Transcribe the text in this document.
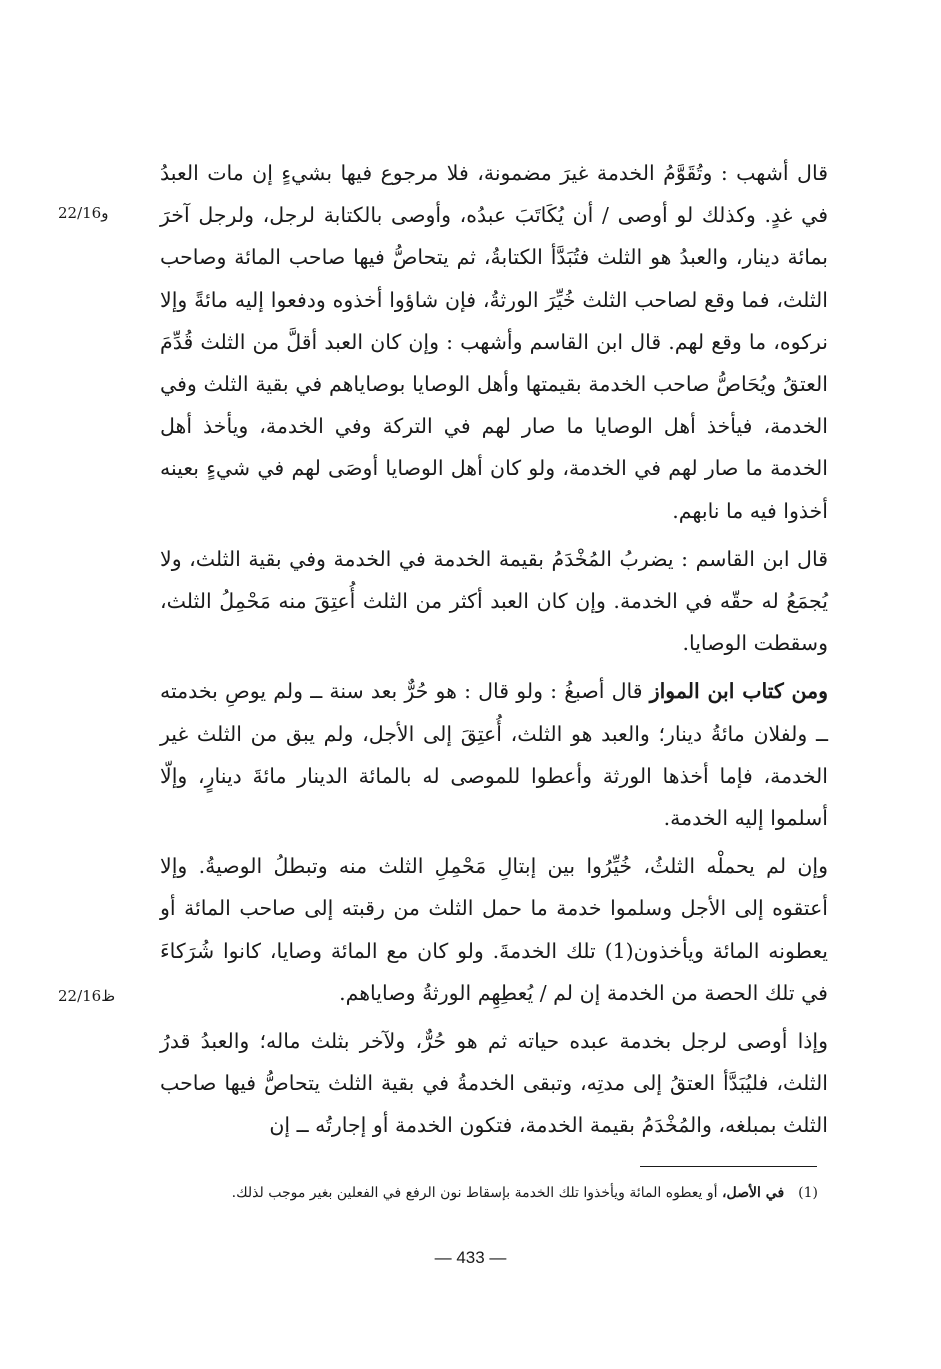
22/16و
22/16ظ

قال أشهب : وتُقَوَّمُ الخدمة غيرَ مضمونة، فلا مرجوع فيها بشيءٍ إن مات العبدُ في غدٍ. وكذلك لو أوصى / أن يُكَاتَبَ عبدُه، وأوصى بالكتابة لرجل، ولرجل آخرَ بمائة دينار، والعبدُ هو الثلث فتُبَدَّأ الكتابةُ، ثم يتحاصُّ فيها صاحب المائة وصاحب الثلث، فما وقع لصاحب الثلث خُيِّرَ الورثةُ، فإن شاؤوا أخذوه ودفعوا إليه مائةً وإلا نركوه، ما وقع لهم. قال ابن القاسم وأشهب : وإن كان العبد أقلَّ من الثلث قُدِّمَ العتقُ ويُحَاصُّ صاحب الخدمة بقيمتها وأهل الوصايا بوصاياهم في بقية الثلث وفي الخدمة، فيأخذ أهل الوصايا ما صار لهم في التركة وفي الخدمة، ويأخذ أهل الخدمة ما صار لهم في الخدمة، ولو كان أهل الوصايا أوصَى لهم في شيءٍ بعينه أخذوا فيه ما نابهم.

قال ابن القاسم : يضربُ المُخْدَمُ بقيمة الخدمة في الخدمة وفي بقية الثلث، ولا يُجمَعُ له حقّه في الخدمة. وإن كان العبد أكثر من الثلث أُعتِقَ منه مَحْمِلُ الثلث، وسقطت الوصايا.

ومن كتاب ابن المواز قال أصبغُ : ولو قال : هو حُرٌّ بعد سنة ــ ولم يوصِ بخدمته ــ ولفلان مائةُ دينار؛ والعبد هو الثلث، أُعتِقَ إلى الأجل، ولم يبق من الثلث غير الخدمة، فإما أخذها الورثة وأعطوا للموصى له بالمائة الدينار مائةَ دينارٍ، وإلّا أسلموا إليه الخدمة.

وإن لم يحملْه الثلثُ، خُيِّرُوا بين إبتالِ مَحْمِلِ الثلث منه وتبطلُ الوصيةُ. وإلا أعتقوه إلى الأجل وسلموا خدمة ما حمل الثلث من رقبته إلى صاحب المائة أو يعطونه المائة ويأخذون(1) تلك الخدمةَ. ولو كان مع المائة وصايا، كانوا شُرَكاءَ في تلك الحصة من الخدمة إن لم / يُعطِهِم الورثةُ وصاياهم.

وإذا أوصى لرجل بخدمة عبده حياته ثم هو حُرٌّ، ولآخر بثلث ماله؛ والعبدُ قدرُ الثلث، فليُبَدَّأ العتقُ إلى مدتِه، وتبقى الخدمةُ في بقية الثلث يتحاصُّ فيها صاحب الثلث بمبلغه، والمُخْدَمُ بقيمة الخدمة، فتكون الخدمة أو إجارتُه ــ إن

(1)في الأصل، أو يعطوه المائة ويأخذوا تلك الخدمة بإسقاط نون الرفع في الفعلين بغير موجب لذلك.
— 433 —
